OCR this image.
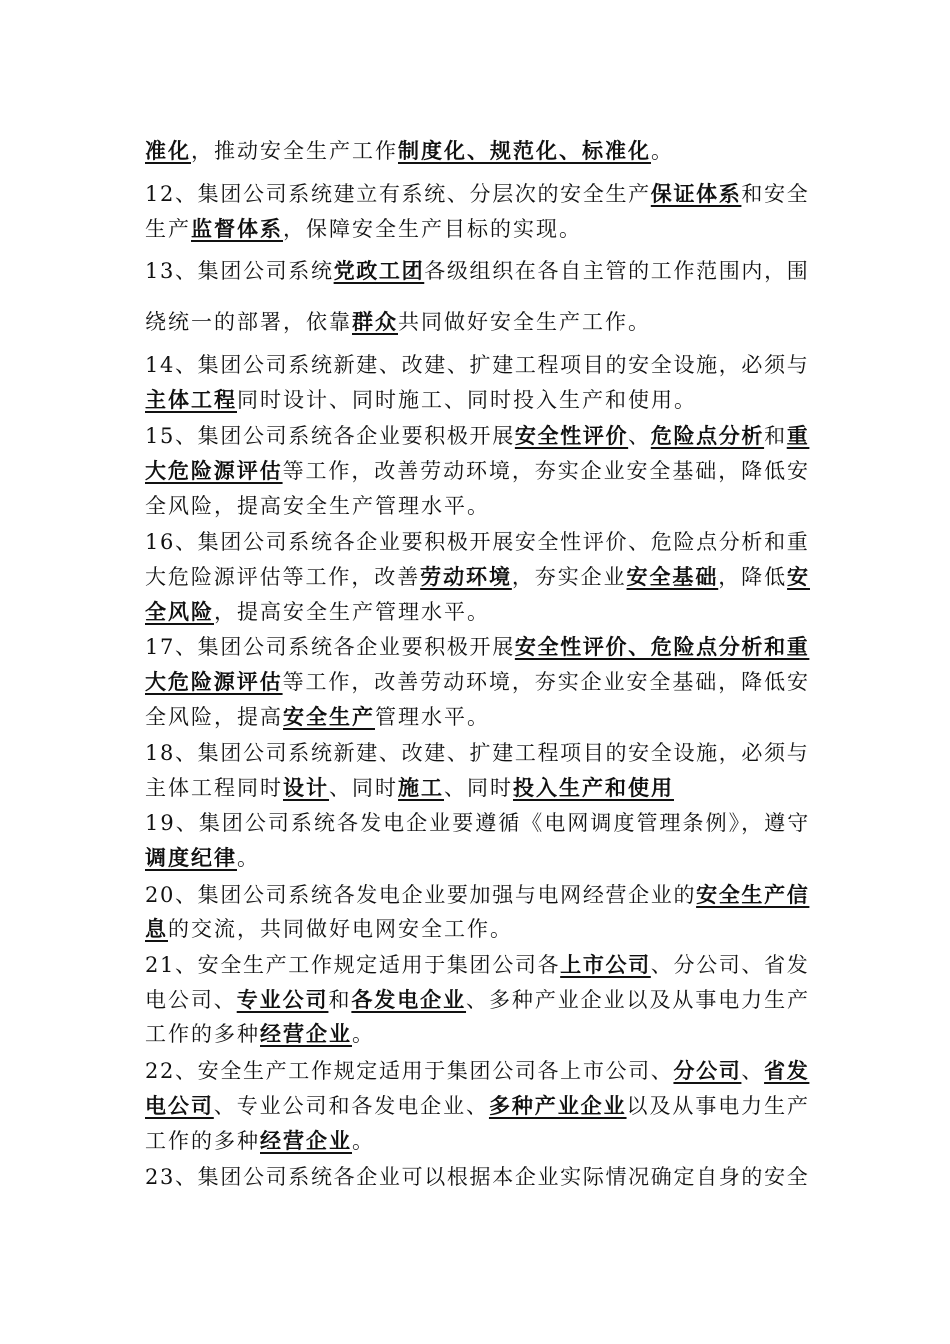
准化，推动安全生产工作制度化、规范化、标准化。
12、集团公司系统建立有系统、分层次的安全生产保证体系和安全
生产监督体系，保障安全生产目标的实现。
13、集团公司系统党政工团各级组织在各自主管的工作范围内，围
绕统一的部署，依靠群众共同做好安全生产工作。
14、集团公司系统新建、改建、扩建工程项目的安全设施，必须与
主体工程同时设计、同时施工、同时投入生产和使用。
15、集团公司系统各企业要积极开展安全性评价、危险点分析和重
大危险源评估等工作，改善劳动环境，夯实企业安全基础，降低安
全风险，提高安全生产管理水平。
16、集团公司系统各企业要积极开展安全性评价、危险点分析和重
大危险源评估等工作，改善劳动环境，夯实企业安全基础，降低安
全风险，提高安全生产管理水平。
17、集团公司系统各企业要积极开展安全性评价、危险点分析和重
大危险源评估等工作，改善劳动环境，夯实企业安全基础，降低安
全风险，提高安全生产管理水平。
18、集团公司系统新建、改建、扩建工程项目的安全设施，必须与
主体工程同时设计、同时施工、同时投入生产和使用
19、集团公司系统各发电企业要遵循《电网调度管理条例》，遵守
调度纪律。
20、集团公司系统各发电企业要加强与电网经营企业的安全生产信
息的交流，共同做好电网安全工作。
21、安全生产工作规定适用于集团公司各上市公司、分公司、省发
电公司、专业公司和各发电企业、多种产业企业以及从事电力生产
工作的多种经营企业。
22、安全生产工作规定适用于集团公司各上市公司、分公司、省发
电公司、专业公司和各发电企业、多种产业企业以及从事电力生产
工作的多种经营企业。
23、集团公司系统各企业可以根据本企业实际情况确定自身的安全
